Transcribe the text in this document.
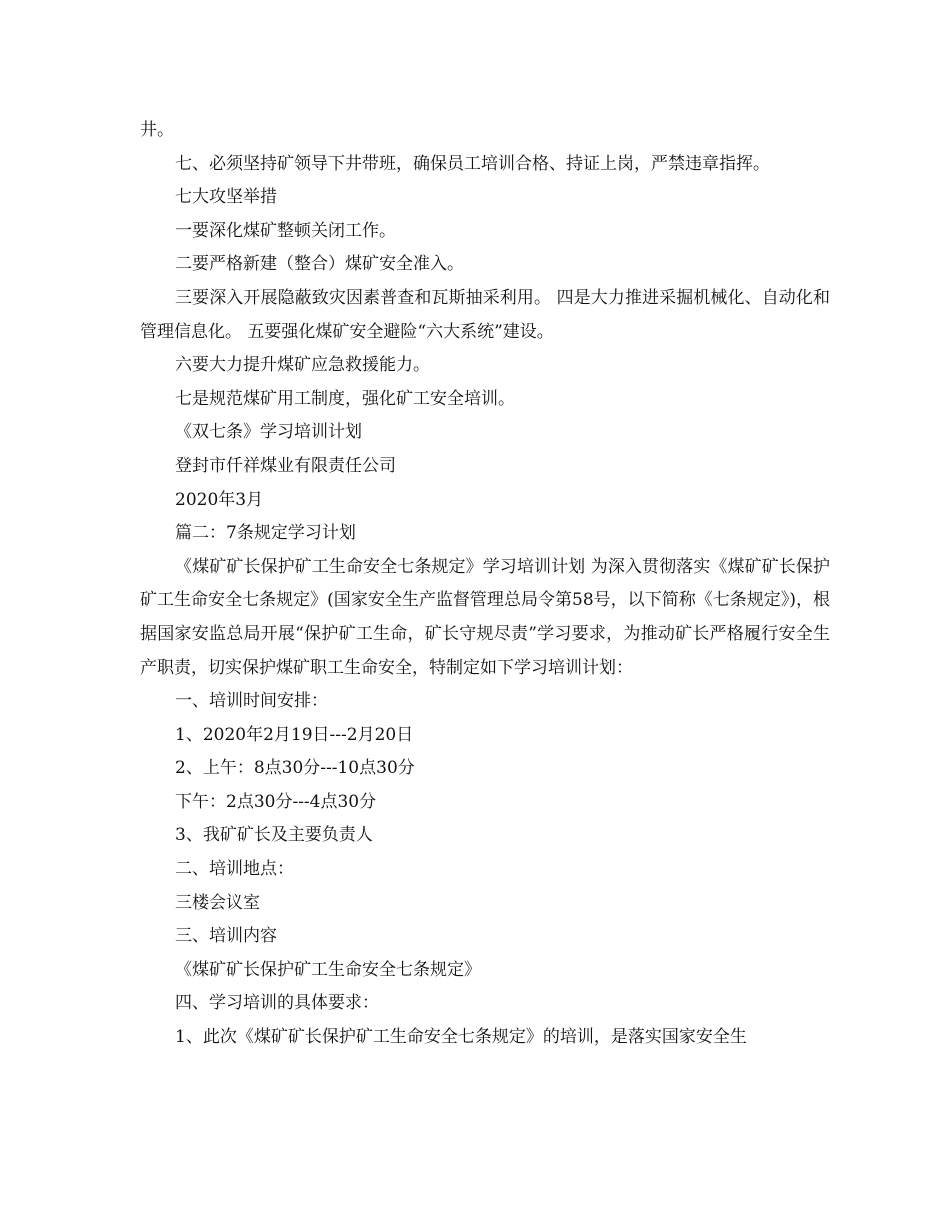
井。

七、必须坚持矿领导下井带班，确保员工培训合格、持证上岗，严禁违章指挥。

七大攻坚举措

一要深化煤矿整顿关闭工作。

二要严格新建（整合）煤矿安全准入。

三要深入开展隐蔽致灾因素普查和瓦斯抽采利用。 四是大力推进采掘机械化、自动化和管理信息化。 五要强化煤矿安全避险“六大系统”建设。

六要大力提升煤矿应急救援能力。

七是规范煤矿用工制度，强化矿工安全培训。

《双七条》学习培训计划

登封市仟祥煤业有限责任公司

2020年3月

篇二：7条规定学习计划

《煤矿矿长保护矿工生命安全七条规定》学习培训计划 为深入贯彻落实《煤矿矿长保护矿工生命安全七条规定》(国家安全生产监督管理总局令第58号，以下简称《七条规定》)，根据国家安监总局开展“保护矿工生命，矿长守规尽责”学习要求，为推动矿长严格履行安全生产职责，切实保护煤矿职工生命安全，特制定如下学习培训计划：

一、培训时间安排：

1、2020年2月19日---2月20日

2、上午：8点30分---10点30分

下午：2点30分---4点30分

3、我矿矿长及主要负责人

二、培训地点：

三楼会议室

三、培训内容

《煤矿矿长保护矿工生命安全七条规定》

四、学习培训的具体要求：

1、此次《煤矿矿长保护矿工生命安全七条规定》的培训，是落实国家安全生
